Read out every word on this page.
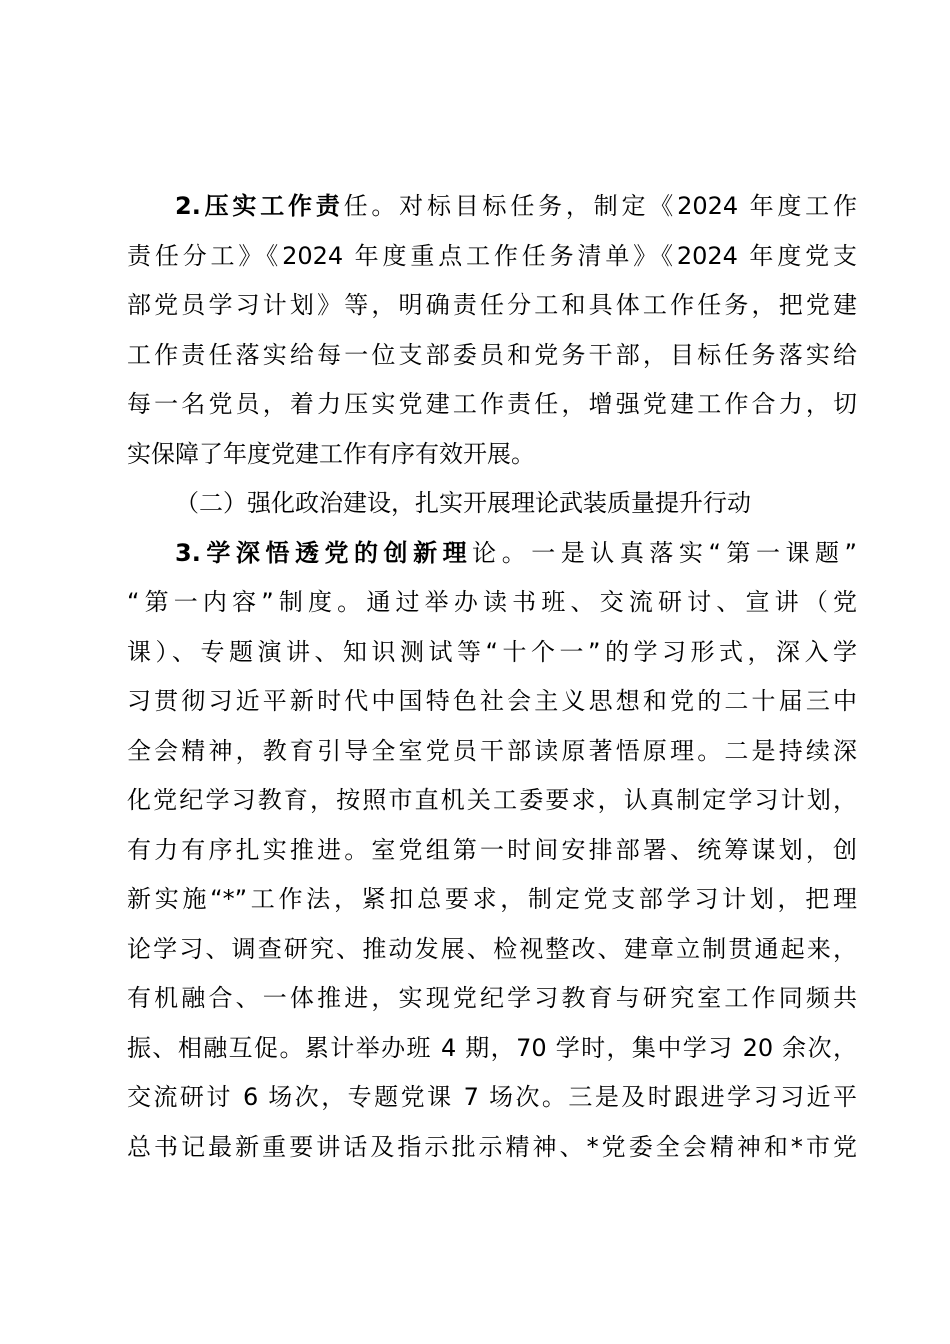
2.压实工作责任。对标目标任务，制定《2024 年度工作
责任分工》《2024 年度重点工作任务清单》《2024 年度党支
部党员学习计划》等，明确责任分工和具体工作任务，把党建
工作责任落实给每一位支部委员和党务干部，目标任务落实给
每一名党员，着力压实党建工作责任，增强党建工作合力，切
实保障了年度党建工作有序有效开展。
（二）强化政治建设，扎实开展理论武装质量提升行动
3.学深悟透党的创新理论。一是认真落实“第一课题”
“第一内容”制度。通过举办读书班、交流研讨、宣讲（党
课）、专题演讲、知识测试等“十个一”的学习形式，深入学
习贯彻习近平新时代中国特色社会主义思想和党的二十届三中
全会精神，教育引导全室党员干部读原著悟原理。二是持续深
化党纪学习教育，按照市直机关工委要求，认真制定学习计划，
有力有序扎实推进。室党组第一时间安排部署、统筹谋划，创
新实施“*”工作法，紧扣总要求，制定党支部学习计划，把理
论学习、调查研究、推动发展、检视整改、建章立制贯通起来，
有机融合、一体推进，实现党纪学习教育与研究室工作同频共
振、相融互促。累计举办班 4 期，70 学时，集中学习 20 余次，
交流研讨 6 场次，专题党课 7 场次。三是及时跟进学习习近平
总书记最新重要讲话及指示批示精神、*党委全会精神和*市党
